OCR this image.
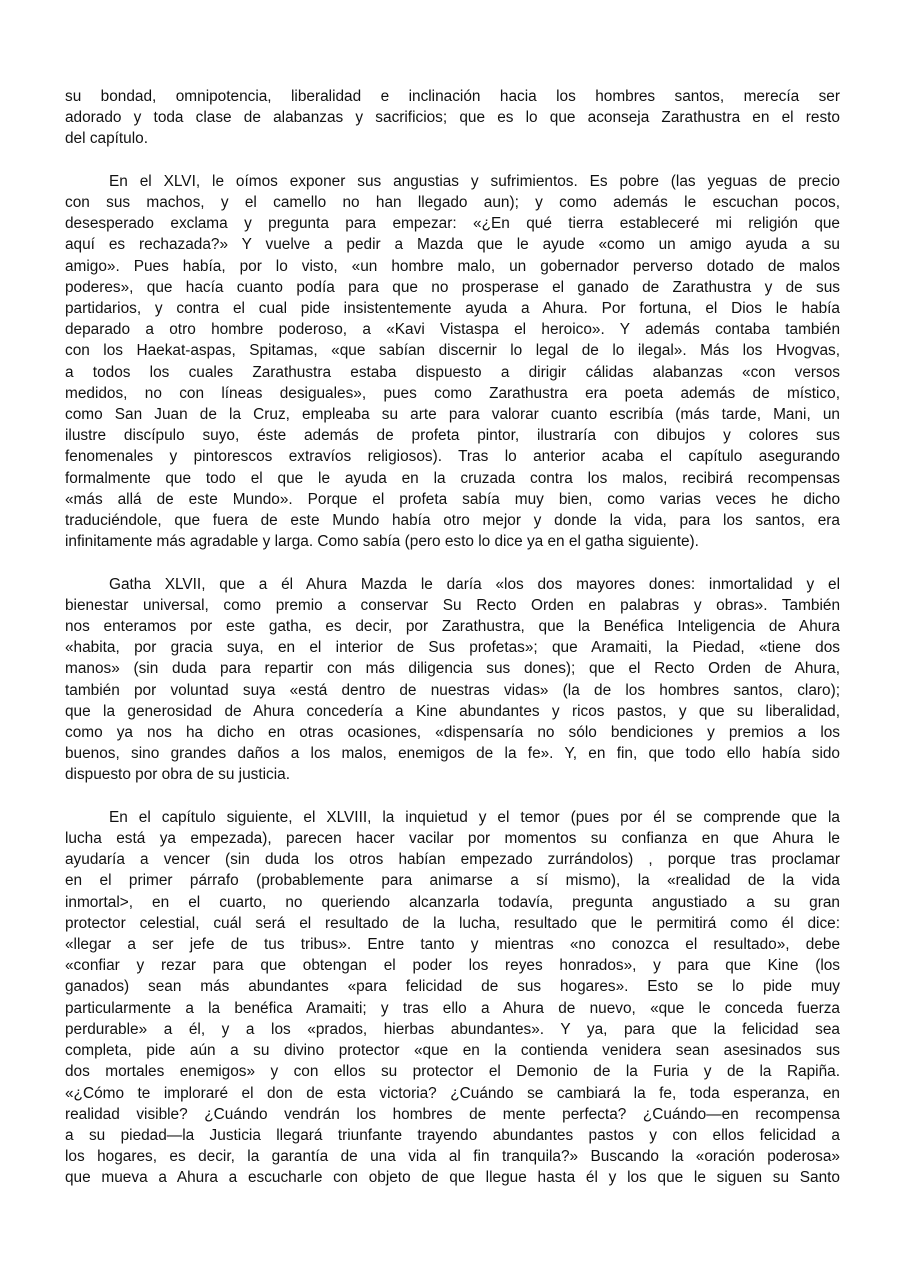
su bondad, omnipotencia, liberalidad e inclinación hacia los hombres santos, merecía ser
adorado y toda clase de alabanzas y sacrificios; que es lo que aconseja Zarathustra en el resto
del capítulo.
En el XLVI, le oímos exponer sus angustias y sufrimientos. Es pobre (las yeguas de precio
con sus machos, y el camello no han llegado aun); y como además le escuchan pocos,
desesperado exclama y pregunta para empezar: «¿En qué tierra estableceré mi religión que
aquí es rechazada?» Y vuelve a pedir a Mazda que le ayude «como un amigo ayuda a su
amigo». Pues había, por lo visto, «un hombre malo, un gobernador perverso dotado de malos
poderes», que hacía cuanto podía para que no prosperase el ganado de Zarathustra y de sus
partidarios, y contra el cual pide insistentemente ayuda a Ahura. Por fortuna, el Dios le había
deparado a otro hombre poderoso, a «Kavi Vistaspa el heroico». Y además contaba también
con los Haekat-aspas, Spitamas, «que sabían discernir lo legal de lo ilegal». Más los Hvogvas,
a todos los cuales Zarathustra estaba dispuesto a dirigir cálidas alabanzas «con versos
medidos, no con líneas desiguales», pues como Zarathustra era poeta además de místico,
como San Juan de la Cruz, empleaba su arte para valorar cuanto escribía (más tarde, Mani, un
ilustre discípulo suyo, éste además de profeta pintor, ilustraría con dibujos y colores sus
fenomenales y pintorescos extravíos religiosos). Tras lo anterior acaba el capítulo asegurando
formalmente que todo el que le ayuda en la cruzada contra los malos, recibirá recompensas
«más allá de este Mundo». Porque el profeta sabía muy bien, como varias veces he dicho
traduciéndole, que fuera de este Mundo había otro mejor y donde la vida, para los santos, era
infinitamente más agradable y larga. Como sabía (pero esto lo dice ya en el gatha siguiente).
Gatha XLVII, que a él Ahura Mazda le daría «los dos mayores dones: inmortalidad y el
bienestar universal, como premio a conservar Su Recto Orden en palabras y obras». También
nos enteramos por este gatha, es decir, por Zarathustra, que la Benéfica Inteligencia de Ahura
«habita, por gracia suya, en el interior de Sus profetas»; que Aramaiti, la Piedad, «tiene dos
manos» (sin duda para repartir con más diligencia sus dones); que el Recto Orden de Ahura,
también por voluntad suya «está dentro de nuestras vidas» (la de los hombres santos, claro);
que la generosidad de Ahura concedería a Kine abundantes y ricos pastos, y que su liberalidad,
como ya nos ha dicho en otras ocasiones, «dispensaría no sólo bendiciones y premios a los
buenos, sino grandes daños a los malos, enemigos de la fe». Y, en fin, que todo ello había sido
dispuesto por obra de su justicia.
En el capítulo siguiente, el XLVIII, la inquietud y el temor (pues por él se comprende que la
lucha está ya empezada), parecen hacer vacilar por momentos su confianza en que Ahura le
ayudaría a vencer (sin duda los otros habían empezado zurrándolos) , porque tras proclamar
en el primer párrafo (probablemente para animarse a sí mismo), la «realidad de la vida
inmortal>, en el cuarto, no queriendo alcanzarla todavía, pregunta angustiado a su gran
protector celestial, cuál será el resultado de la lucha, resultado que le permitirá como él dice:
«llegar a ser jefe de tus tribus». Entre tanto y mientras «no conozca el resultado», debe
«confiar y rezar para que obtengan el poder los reyes honrados», y para que Kine (los
ganados) sean más abundantes «para felicidad de sus hogares». Esto se lo pide muy
particularmente a la benéfica Aramaiti; y tras ello a Ahura de nuevo, «que le conceda fuerza
perdurable» a él, y a los «prados, hierbas abundantes». Y ya, para que la felicidad sea
completa, pide aún a su divino protector «que en la contienda venidera sean asesinados sus
dos mortales enemigos» y con ellos su protector el Demonio de la Furia y de la Rapiña.
«¿Cómo te imploraré el don de esta victoria? ¿Cuándo se cambiará la fe, toda esperanza, en
realidad visible? ¿Cuándo vendrán los hombres de mente perfecta? ¿Cuándo—en recompensa
a su piedad—la Justicia llegará triunfante trayendo abundantes pastos y con ellos felicidad a
los hogares, es decir, la garantía de una vida al fin tranquila?» Buscando la «oración poderosa»
que mueva a Ahura a escucharle con objeto de que llegue hasta él y los que le siguen su Santo
